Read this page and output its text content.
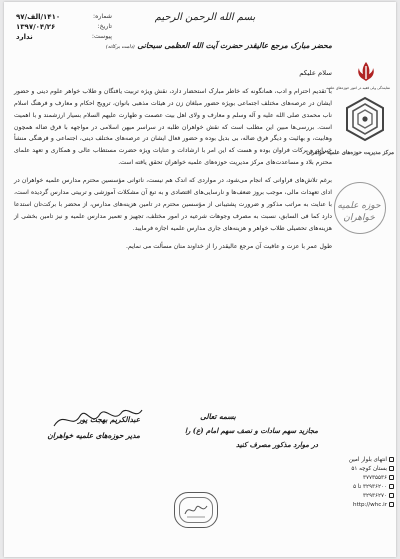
بسم الله الرحمن الرحیم
شماره:
۱۴۱۰/الف/۹۷
تاریخ:
۱۳۹۷/۰۴/۲۶
پیوست:
ندارد
نمایندگی ولی فقیه در امور حوزه‌های علمیه
مرکز مدیریت حوزه‌های علمیه خواهران
حوزه علمیه خواهران
انتهای بلوار امین
بستان کوچه ۵۱
۳۷۷۳۵۵۳۶
۳۲۹۳۶۲۰۰ تا ۵
۳۲۹۳۶۲۷۰
http://whc.ir
محضر مبارک مرجع عالیقدر حضرت آیت الله العظمی سبحانی (دامت برکاته)
سلام علیکم

با تقدیم احترام و ادب، همانگونه که خاطر مبارک استحضار دارد، نقش ویژه تربیت یافتگان و طلاب خواهر علوم دینی و حضور ایشان در عرصه‌های مختلف اجتماعی بویژه حضور مبلغان زن در هیئات مذهبی بانوان، ترویج احکام و معارف و فرهنگ اسلام ناب محمدی صلی الله علیه و آله وسلم و معارف و ولای اهل بیت عصمت و طهارت علیهم السلام بسیار ارزشمند و با اهمیت است. بررسی‌ها مبین این مطلب است که نقش خواهران طلبه در سراسر میهن اسلامی در مواجهه با فرق ضاله همچون وهابیت، و بهائیت و دیگر فرق ضاله، بی بدیل بوده و حضور فعال ایشان در عرصه‌های مختلف دینی، اجتماعی و فرهنگی منشأ خیرات و برکات فراوان بوده و هست که این امر با ارشادات و عنایات ویژه حضرت مستطاب عالی و همکاری و تعهد علمای محترم بلاد و مساعدت‌های مرکز مدیریت حوزه‌های علمیه خواهران تحقق یافته است.

برغم تلاش‌های فراوانی که انجام می‌شود، در مواردی که اندک هم نیست، ناتوانی مؤسسین محترم مدارس علمیه خواهران در ادای تعهدات مالی، موجب بروز ضعف‌ها و نارسایی‌های اقتصادی و به تبع آن مشکلات آموزشی و تربیتی مدارس گردیده است، با عنایت به مراتب مذکور و ضرورت پشتیبانی از مؤسسین محترم در تامین هزینه‌های مدارس، از محضر با برکت‌تان استدعا دارد کما فی السابق، نسبت به مصرف وجوهات شرعیه در امور مختلف، تجهیز و تعمیر مدارس علمیه و نیز تامین بخشی از هزینه‌های تحصیلی طلاب خواهر و هزینه‌های جاری مدارس علمیه اجازه فرمایید.

طول عمر با عزت و عافیت آن مرجع عالیقدر را از خداوند منان مسألت می نمایم.

عبدالکریم بهجت پور
مدیر حوزه‌های علمیه خواهران
بسمه تعالی
مجازید سهم سادات و نصف سهم امام (ع) را
در موارد مذکور مصرف کنید
